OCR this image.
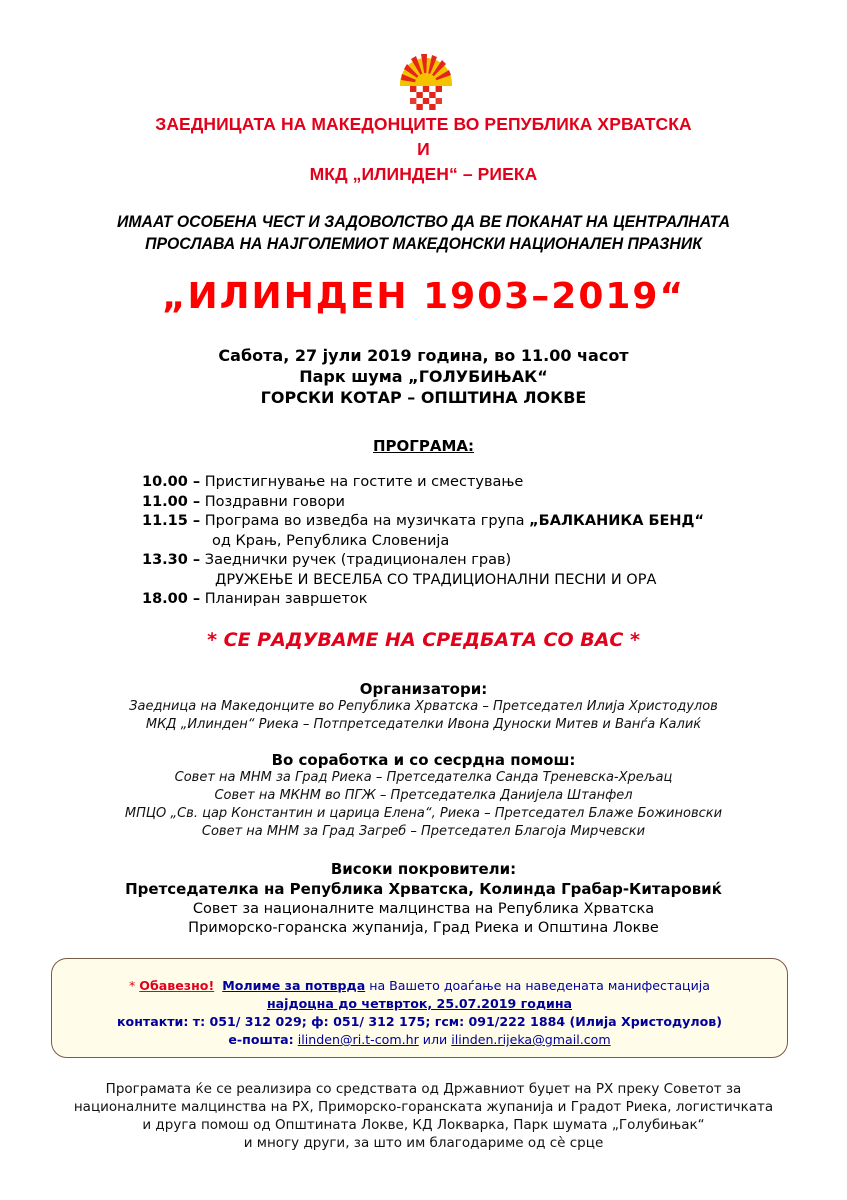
ЗАЕДНИЦАТА НА МАКЕДОНЦИТЕ ВО РЕПУБЛИКА ХРВАТСКА
И
МКД „ИЛИНДЕН“ – РИЕКА
ИМААТ ОСОБЕНА ЧЕСТ И ЗАДОВОЛСТВО ДА ВЕ ПОКАНАТ НА ЦЕНТРАЛНАТА
ПРОСЛАВА НА НАЈГОЛЕМИОТ МАКЕДОНСКИ НАЦИОНАЛЕН ПРАЗНИК
„ИЛИНДЕН 1903–2019“
Сабота, 27 јули 2019 година, во 11.00 часот
Парк шума „ГОЛУБИЊАК“
ГОРСКИ КОТАР – ОПШТИНА ЛОКВЕ
ПРОГРАМА:
10.00 – Пристигнување на гостите и сместување
11.00 – Поздравни говори
11.15 – Програма во изведба на музичката група „БАЛКАНИКА БЕНД“
од Крањ, Република Словенија
13.30 – Заеднички ручек (традиционален грав)
ДРУЖЕЊЕ И ВЕСЕЛБА СО ТРАДИЦИОНАЛНИ ПЕСНИ И ОРА
18.00 – Планиран завршеток
* СЕ РАДУВАМЕ НА СРЕДБАТА СО ВАС *
Организатори:
Заедница на Македонците во Република Хрватска – Претседател Илија Христодулов
МКД „Илинден“ Риека – Потпретседателки Ивона Дуноски Митев и Ванѓа Калиќ
Во соработка и со сесрдна помош:
Совет на МНМ за Град Риека – Претседателка Санда Треневска-Хрељац
Совет на МКНМ во ПГЖ – Претседателка Данијела Штанфел
МПЦО „Св. цар Константин и царица Елена“, Риека – Претседател Блаже Божиновски
Совет на МНМ за Град Загреб – Претседател Благоја Мирчевски
Високи покровители:
Претседателка на Република Хрватска, Колинда Грабар-Китаровиќ
Совет за националните малцинства на Република Хрватска
Приморско-горанска жупанија, Град Риека и Општина Локве
* Обавезно! Молиме за потврда на Вашето доаѓање на наведената манифестација
најдоцна до четврток, 25.07.2019 година
контакти: т: 051/ 312 029; ф: 051/ 312 175; гсм: 091/222 1884 (Илија Христодулов)
е-пошта: ilinden@ri.t-com.hr или ilinden.rijeka@gmail.com
Програмата ќе се реализира со средствата од Државниот буџет на РХ преку Советот за
националните малцинства на РХ, Приморско-горанската жупанија и Градот Риека, логистичката
и друга помош од Општината Локве, КД Локварка, Парк шумата „Голубињак“
и многу други, за што им благодариме од сè срце
